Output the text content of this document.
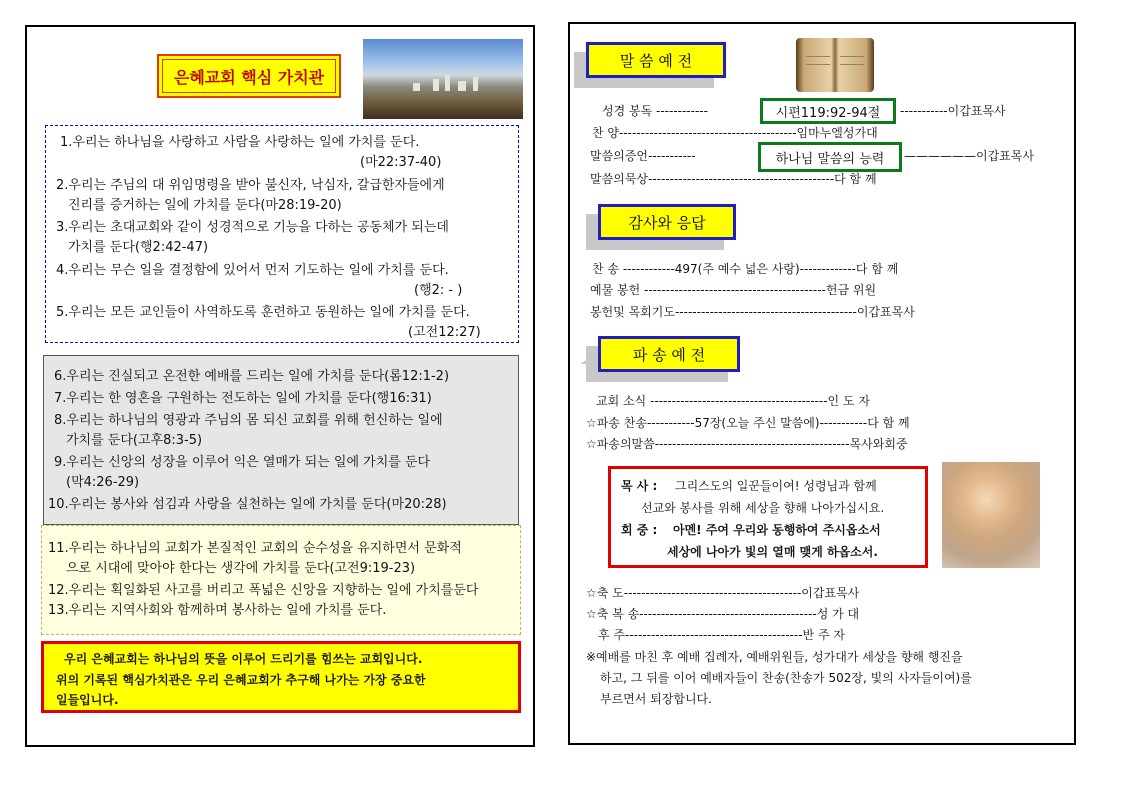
은혜교회 핵심 가치관
1.우리는 하나님을 사랑하고 사람을 사랑하는 일에 가치를 둔다.
(마22:37-40)
2.우리는 주님의 대 위임명령을 받아 불신자, 낙심자, 갈급한자들에게
진리를 증거하는 일에 가치를 둔다(마28:19-20)
3.우리는 초대교회와 같이 성경적으로 기능을 다하는 공동체가 되는데
가치를 둔다(행2:42-47)
4.우리는 무슨 일을 결정함에 있어서 먼저 기도하는 일에 가치를 둔다.
(행2: - )
5.우리는 모든 교인들이 사역하도록 훈련하고 동원하는 일에 가치를 둔다.
(고전12:27)
6.우리는 진실되고 온전한 예배를 드리는 일에 가치를 둔다(롬12:1-2)
7.우리는 한 영혼을 구원하는 전도하는 일에 가치를 둔다(행16:31)
8.우리는 하나님의 영광과 주님의 몸 되신 교회를 위해 헌신하는 일에
가치를 둔다(고후8:3-5)
9.우리는 신앙의 성장을 이루어 익은 열매가 되는 일에 가치를 둔다
(막4:26-29)
10.우리는 봉사와 섬김과 사랑을 실천하는 일에 가치를 둔다(마20:28)
11.우리는 하나님의 교회가 본질적인 교회의 순수성을 유지하면서 문화적
으로 시대에 맞아야 한다는 생각에 가치를 둔다(고전9:19-23)
12.우리는 획일화된 사고를 버리고 폭넓은 신앙을 지향하는 일에 가치를둔다
13.우리는 지역사회와 함께하며 봉사하는 일에 가치를 둔다.
우리 은혜교회는 하나님의 뜻을 이루어 드리기를 힘쓰는 교회입니다.
위의 기록된 핵심가치관은 우리 은혜교회가 추구해 나가는 가장 중요한
일들입니다.
말 씀 예 전
성경 봉독 ------------	시편119:92-94절	-----------이갑표목사
찬 양-----------------------------------------임마누엘성가대
말씀의증언-----------	하나님 말씀의 능력	——————이갑표목사
말씀의묵상-------------------------------------------다 함 께
감사와 응답
찬 송 ------------497(주 예수 넓은 사랑)-------------다 함 께
예물 봉헌 ------------------------------------------헌금 위원
봉헌및 목회기도------------------------------------------이갑표목사
파 송 예 전
교회 소식 -----------------------------------------인 도 자
☆파송 찬송-----------57장(오늘 주신 말씀에)-----------다 함 께
☆파송의말씀---------------------------------------------목사와회중
목 사 : 그리스도의 일꾼들이여! 성령님과 함께
선교와 봉사를 위해 세상을 향해 나아가십시요.
회 중 : 아멘! 주여 우리와 동행하여 주시옵소서
세상에 나아가 빛의 열매 맺게 하옵소서.
☆축 도-----------------------------------------이갑표목사
☆축 복 송-----------------------------------------성 가 대
후 주-----------------------------------------반 주 자
※예배를 마친 후 예배 집례자, 예배위원들, 성가대가 세상을 향해 행진을
하고, 그 뒤를 이어 예배자들이 찬송(찬송가 502장, 빛의 사자들이여)를
부르면서 퇴장합니다.
